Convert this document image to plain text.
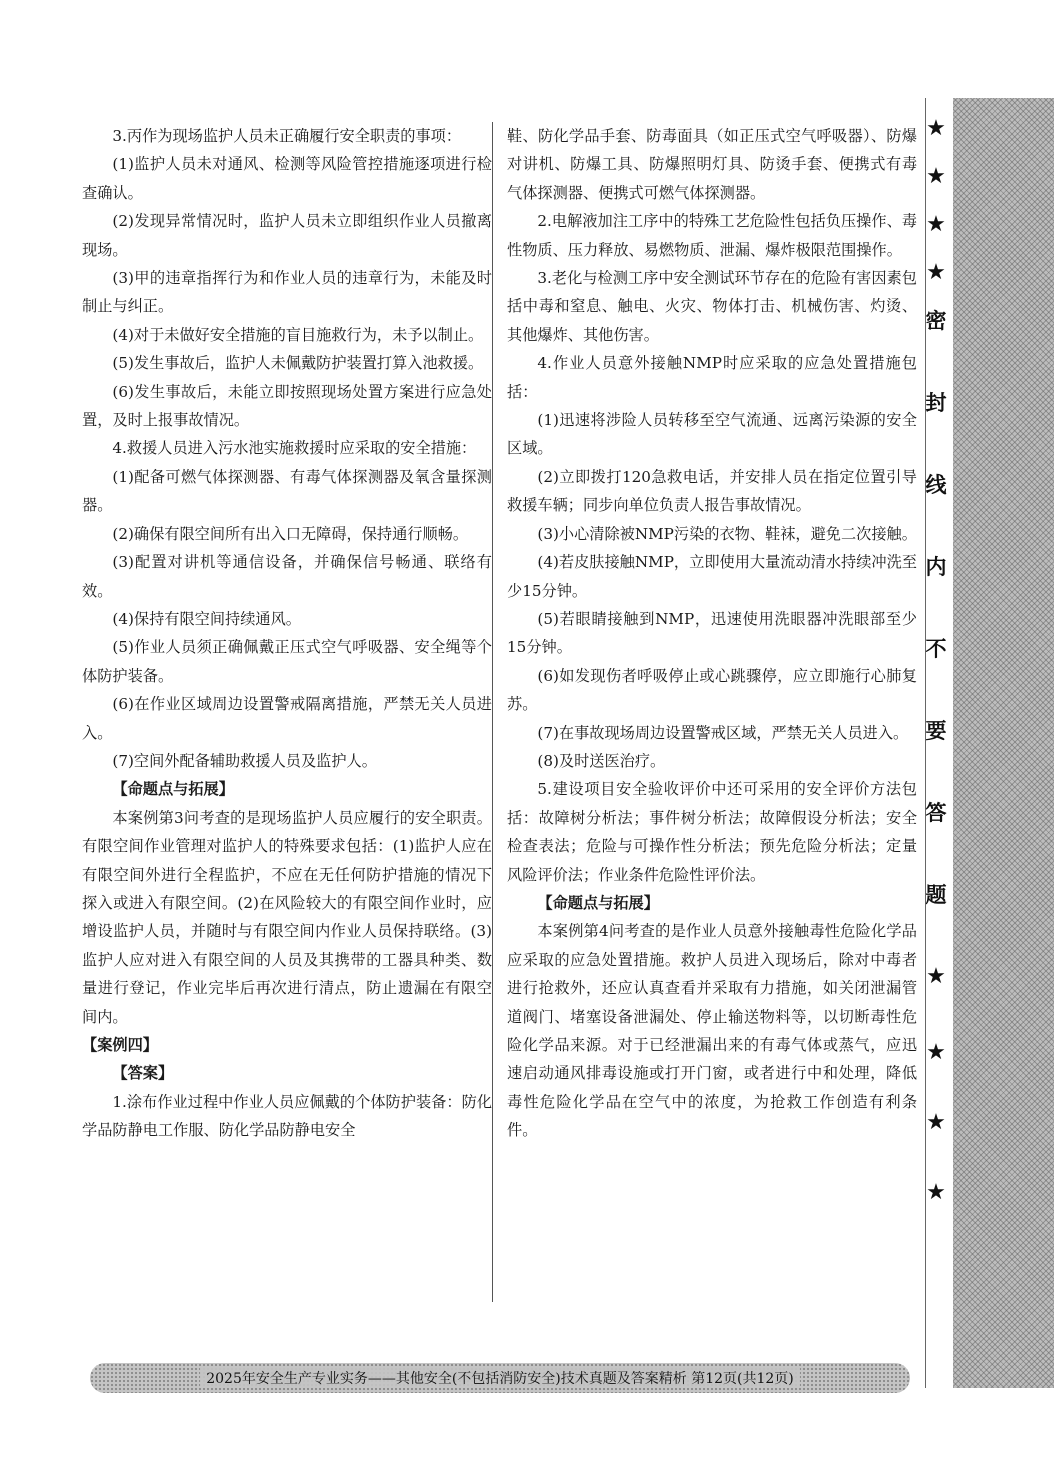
3.丙作为现场监护人员未正确履行安全职责的事项：
(1)监护人员未对通风、检测等风险管控措施逐项进行检查确认。
(2)发现异常情况时，监护人员未立即组织作业人员撤离现场。
(3)甲的违章指挥行为和作业人员的违章行为，未能及时制止与纠正。
(4)对于未做好安全措施的盲目施救行为，未予以制止。
(5)发生事故后，监护人未佩戴防护装置打算入池救援。
(6)发生事故后，未能立即按照现场处置方案进行应急处置，及时上报事故情况。
4.救援人员进入污水池实施救援时应采取的安全措施：
(1)配备可燃气体探测器、有毒气体探测器及氧含量探测器。
(2)确保有限空间所有出入口无障碍，保持通行顺畅。
(3)配置对讲机等通信设备，并确保信号畅通、联络有效。
(4)保持有限空间持续通风。
(5)作业人员须正确佩戴正压式空气呼吸器、安全绳等个体防护装备。
(6)在作业区域周边设置警戒隔离措施，严禁无关人员进入。
(7)空间外配备辅助救援人员及监护人。
【命题点与拓展】
本案例第3问考查的是现场监护人员应履行的安全职责。有限空间作业管理对监护人的特殊要求包括：(1)监护人应在有限空间外进行全程监护，不应在无任何防护措施的情况下探入或进入有限空间。(2)在风险较大的有限空间作业时，应增设监护人员，并随时与有限空间内作业人员保持联络。(3)监护人应对进入有限空间的人员及其携带的工器具种类、数量进行登记，作业完毕后再次进行清点，防止遗漏在有限空间内。
【案例四】
【答案】
1.涂布作业过程中作业人员应佩戴的个体防护装备：防化学品防静电工作服、防化学品防静电安全
鞋、防化学品手套、防毒面具（如正压式空气呼吸器）、防爆对讲机、防爆工具、防爆照明灯具、防烫手套、便携式有毒气体探测器、便携式可燃气体探测器。
2.电解液加注工序中的特殊工艺危险性包括负压操作、毒性物质、压力释放、易燃物质、泄漏、爆炸极限范围操作。
3.老化与检测工序中安全测试环节存在的危险有害因素包括中毒和窒息、触电、火灾、物体打击、机械伤害、灼烫、其他爆炸、其他伤害。
4.作业人员意外接触NMP时应采取的应急处置措施包括：
(1)迅速将涉险人员转移至空气流通、远离污染源的安全区域。
(2)立即拨打120急救电话，并安排人员在指定位置引导救援车辆；同步向单位负责人报告事故情况。
(3)小心清除被NMP污染的衣物、鞋袜，避免二次接触。
(4)若皮肤接触NMP，立即使用大量流动清水持续冲洗至少15分钟。
(5)若眼睛接触到NMP，迅速使用洗眼器冲洗眼部至少15分钟。
(6)如发现伤者呼吸停止或心跳骤停，应立即施行心肺复苏。
(7)在事故现场周边设置警戒区域，严禁无关人员进入。
(8)及时送医治疗。
5.建设项目安全验收评价中还可采用的安全评价方法包括：故障树分析法；事件树分析法；故障假设分析法；安全检查表法；危险与可操作性分析法；预先危险分析法；定量风险评价法；作业条件危险性评价法。
【命题点与拓展】
本案例第4问考查的是作业人员意外接触毒性危险化学品应采取的应急处置措施。救护人员进入现场后，除对中毒者进行抢救外，还应认真查看并采取有力措施，如关闭泄漏管道阀门、堵塞设备泄漏处、停止输送物料等，以切断毒性危险化学品来源。对于已经泄漏出来的有毒气体或蒸气，应迅速启动通风排毒设施或打开门窗，或者进行中和处理，降低毒性危险化学品在空气中的浓度，为抢救工作创造有利条件。
★
★
★
★
密
封
线
内
不
要
答
题
★
★
★
★
2025年安全生产专业实务——其他安全(不包括消防安全)技术真题及答案精析 第12页(共12页)
